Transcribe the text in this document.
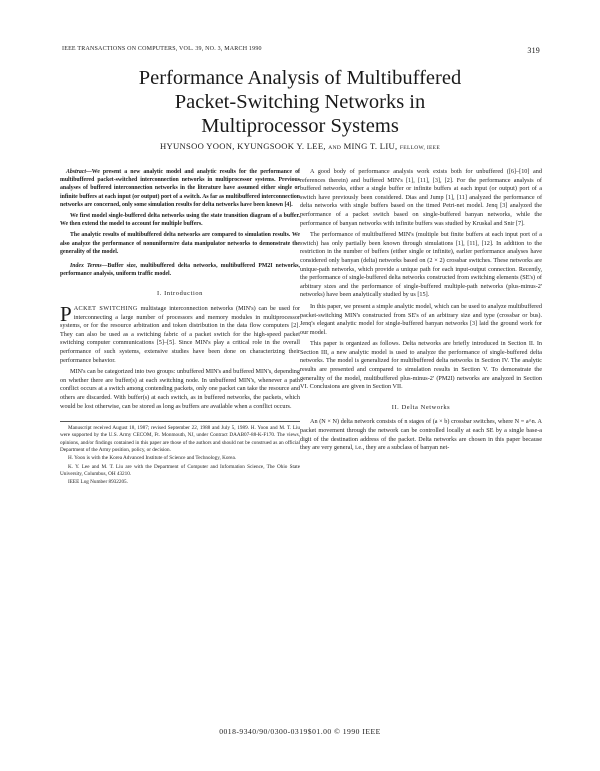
IEEE TRANSACTIONS ON COMPUTERS, VOL. 39, NO. 3, MARCH 1990	319
Performance Analysis of Multibuffered
Packet-Switching Networks in
Multiprocessor Systems
HYUNSOO YOON, KYUNGSOOK Y. LEE, AND MING T. LIU, FELLOW, IEEE

Abstract—We present a new analytic model and analytic results for the performance of multibuffered packet-switched interconnection networks in multiprocessor systems. Previous analyses of buffered interconnection networks in the literature have assumed either single or infinite buffers at each input (or output) port of a switch. As far as multibuffered interconnection networks are concerned, only some simulation results for delta networks have been known [4].

We first model single-buffered delta networks using the state transition diagram of a buffer. We then extend the model to account for multiple buffers.

The analytic results of multibuffered delta networks are compared to simulation results. We also analyze the performance of nonuniform/re data manipulator networks to demonstrate the generality of the model.

Index Terms—Buffer size, multibuffered delta networks, multibuffered PM2I networks, performance analysis, uniform traffic model.

I. Introduction

PACKET SWITCHING multistage interconnection networks (MIN's) can be used for interconnecting a large number of processors and memory modules in multiprocessor systems, or for the resource arbitration and token distribution in the data flow computers [2]. They can also be used as a switching fabric of a packet switch for the high-speed packet switching computer communications [5]–[5]. Since MIN's play a critical role in the overall performance of such systems, extensive studies have been done on characterizing their performance behavior.

MIN's can be categorized into two groups: unbuffered MIN's and buffered MIN's, depending on whether there are buffer(s) at each switching node. In unbuffered MIN's, whenever a path conflict occurs at a switch among contending packets, only one packet can take the resource and others are discarded. With buffer(s) at each switch, as in buffered networks, the packets, which would be lost otherwise, can be stored as long as buffers are available when a conflict occurs.

Manuscript received August 18, 1987; revised September 22, 1988 and July 5, 1989. H. Yoon and M. T. Liu were supported by the U.S. Army CECOM, Ft. Monmouth, NJ, under Contract DAAB07-88-K-F170. The views, opinions, and/or findings contained in this paper are those of the authors and should not be construed as an official Department of the Army position, policy, or decision.

H. Yoon is with the Korea Advanced Institute of Science and Technology, Korea.

K. Y. Lee and M. T. Liu are with the Department of Computer and Information Science, The Ohio State University, Columbus, OH 43210.

IEEE Log Number 8932205.

A good body of performance analysis work exists both for unbuffered ([6]–[10] and references therein) and buffered MIN's [1], [11], [3], [2]. For the performance analysis of buffered networks, either a single buffer or infinite buffers at each input (or output) port of a switch have previously been considered. Dias and Jump [1], [11] analyzed the performance of delta networks with single buffers based on the timed Petri-net model. Jenq [3] analyzed the performance of a packet switch based on single-buffered banyan networks, while the performance of banyan networks with infinite buffers was studied by Kruskal and Snir [7].

The performance of multibuffered MIN's (multiple but finite buffers at each input port of a switch) has only partially been known through simulations [1], [11], [12]. In addition to the restriction in the number of buffers (either single or infinite), earlier performance analyses have considered only banyan (delta) networks based on (2 × 2) crossbar switches. These networks are unique-path networks, which provide a unique path for each input-output connection. Recently, the performance of single-buffered delta networks constructed from switching elements (SE's) of arbitrary sizes and the performance of single-buffered multiple-path networks (plus-minus-2' networks) have been analytically studied by us [15].

In this paper, we present a simple analytic model, which can be used to analyze multibuffered packet-switching MIN's constructed from SE's of an arbitrary size and type (crossbar or bus). Jenq's elegant analytic model for single-buffered banyan networks [3] laid the ground work for our model.

This paper is organized as follows. Delta networks are briefly introduced in Section II. In Section III, a new analytic model is used to analyze the performance of single-buffered delta networks. The model is generalized for multibuffered delta networks in Section IV. The analytic results are presented and compared to simulation results in Section V. To demonstrate the generality of the model, multibuffered plus-minus-2' (PM2I) networks are analyzed in Section VI. Conclusions are given in Section VII.

II. Delta Networks

An (N × N) delta network consists of n stages of (a × b) crossbar switches, where N = a^n. A packet movement through the network can be controlled locally at each SE by a single base-a digit of the destination address of the packet. Delta networks are chosen in this paper because they are very general, i.e., they are a subclass of banyan net-

0018-9340/90/0300-0319$01.00 © 1990 IEEE
